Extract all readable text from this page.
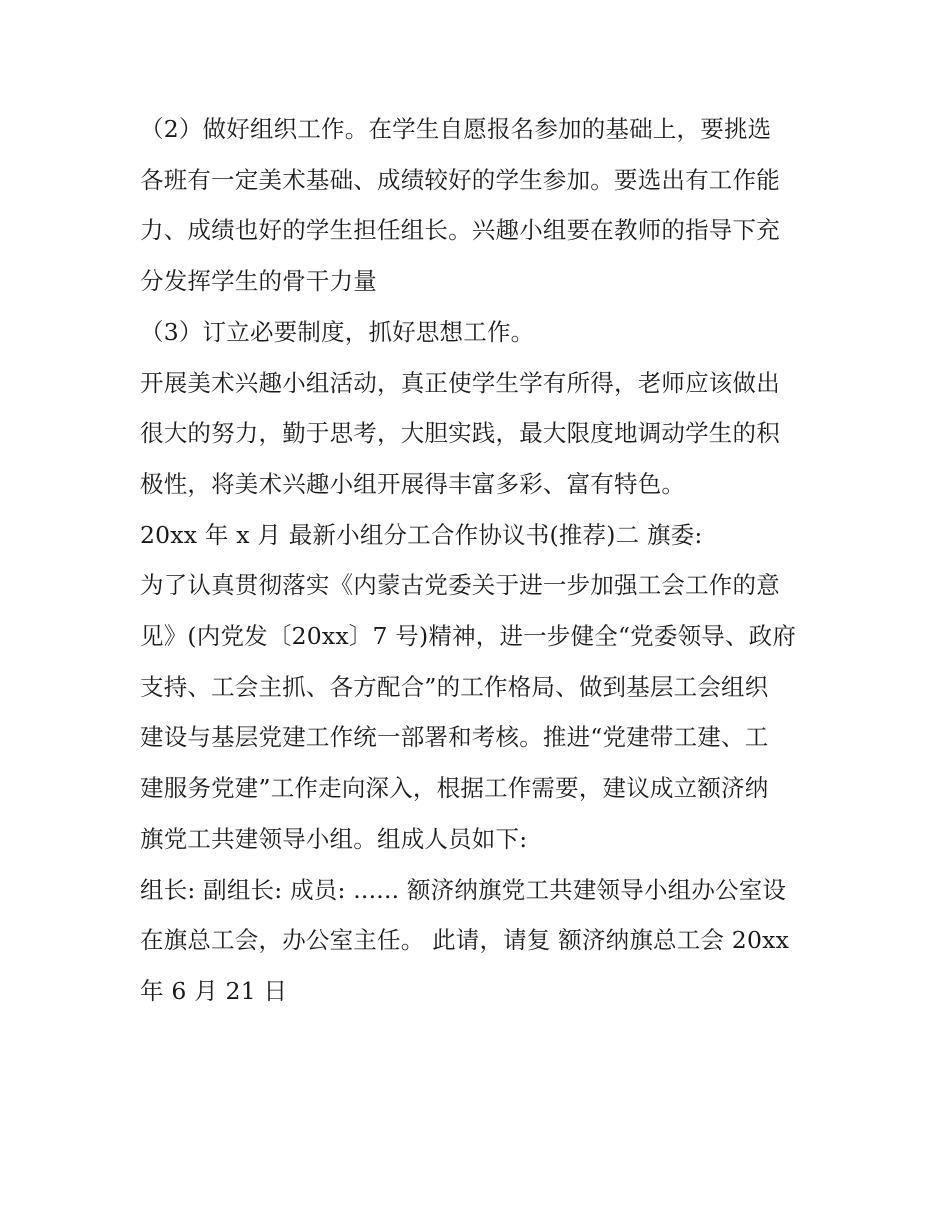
（2）做好组织工作。在学生自愿报名参加的基础上，要挑选
各班有一定美术基础、成绩较好的学生参加。要选出有工作能
力、成绩也好的学生担任组长。兴趣小组要在教师的指导下充
分发挥学生的骨干力量

（3）订立必要制度，抓好思想工作。

开展美术兴趣小组活动，真正使学生学有所得，老师应该做出
很大的努力，勤于思考，大胆实践，最大限度地调动学生的积
极性，将美术兴趣小组开展得丰富多彩、富有特色。

20xx 年 x 月 最新小组分工合作协议书(推荐)二 旗委:

为了认真贯彻落实《内蒙古党委关于进一步加强工会工作的意
见》(内党发〔20xx〕7 号)精神，进一步健全“党委领导、政府
支持、工会主抓、各方配合”的工作格局、做到基层工会组织
建设与基层党建工作统一部署和考核。推进“党建带工建、工
建服务党建”工作走向深入，根据工作需要，建议成立额济纳
旗党工共建领导小组。组成人员如下:

组长: 副组长: 成员: ...... 额济纳旗党工共建领导小组办公室设
在旗总工会，办公室主任。 此请，请复 额济纳旗总工会 20xx
年 6 月 21 日
